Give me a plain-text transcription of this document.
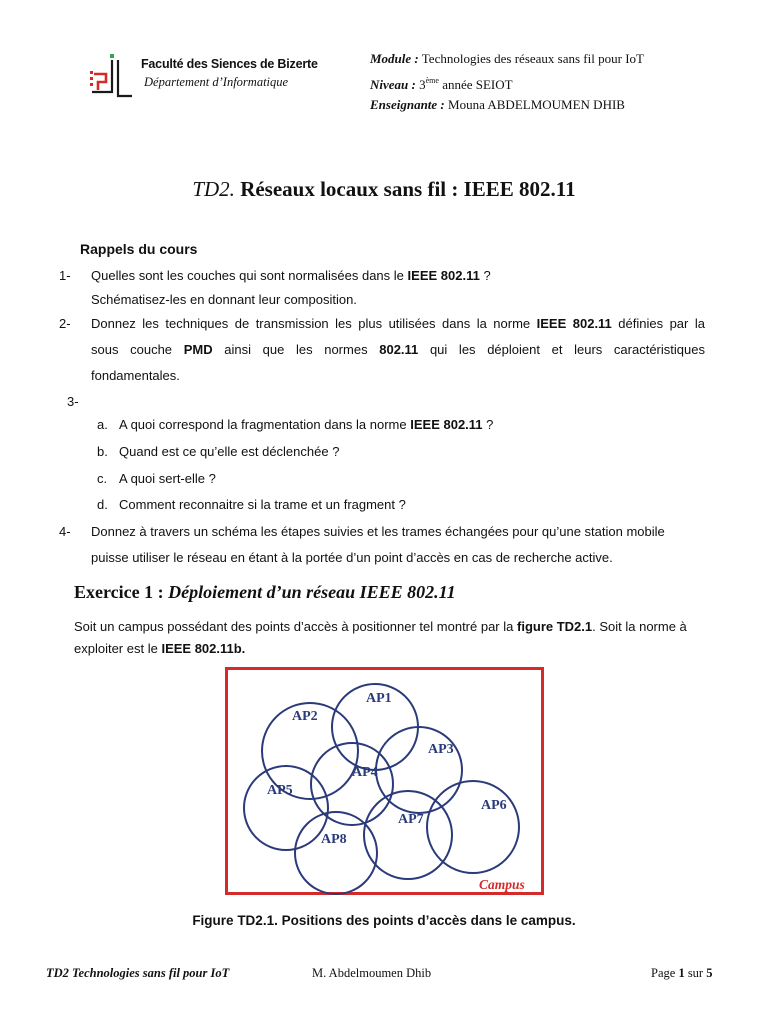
Faculté des Siences de Bizerte
Département d’Informatique
Module : Technologies des réseaux sans fil pour IoT
Niveau : 3ème année SEIOT
Enseignante : Mouna ABDELMOUMEN DHIB
TD2. Réseaux locaux sans fil : IEEE 802.11
Rappels du cours
1- Quelles sont les couches qui sont normalisées dans le IEEE 802.11 ?
Schématisez-les en donnant leur composition.
2- Donnez les techniques de transmission les plus utilisées dans la norme IEEE 802.11 définies par la
sous couche PMD ainsi que les normes 802.11 qui les déploient et leurs caractéristiques
fondamentales.
3-
a. A quoi correspond la fragmentation dans la norme IEEE 802.11 ?
b. Quand est ce qu’elle est déclenchée ?
c. A quoi sert-elle ?
d. Comment reconnaitre si la trame et un fragment ?
4- Donnez à travers un schéma les étapes suivies et les trames échangées pour qu’une station mobile
puisse utiliser le réseau en étant à la portée d’un point d’accès en cas de recherche active.
Exercice 1 : Déploiement d’un réseau IEEE 802.11
Soit un campus possédant des points d’accès à positionner tel montré par la figure TD2.1. Soit la norme à exploiter est le IEEE 802.11b.
AP1
AP2
AP3
AP4
AP5
AP6
AP7
AP8
Campus
Figure TD2.1. Positions des points d’accès dans le campus.
TD2 Technologies sans fil pour IoT	M. Abdelmoumen Dhib	Page 1 sur 5
